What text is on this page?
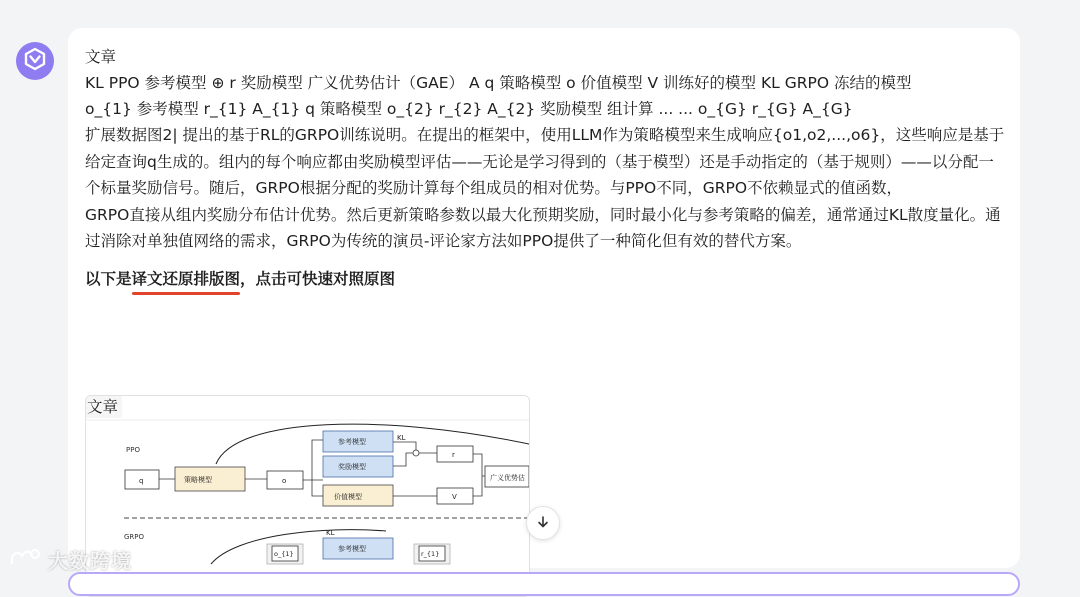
文章

KL PPO 参考模型 ⊕ r 奖励模型 广义优势估计（GAE） A q 策略模型 o 价值模型 V 训练好的模型 KL GRPO 冻结的模型

o_{1} 参考模型 r_{1} A_{1} q 策略模型 o_{2} r_{2} A_{2} 奖励模型 组计算 ... ... o_{G} r_{G} A_{G}

扩展数据图2| 提出的基于RL的GRPO训练说明。在提出的框架中，使用LLM作为策略模型来生成响应{o1,o2,...,o6}，这些响应是基于给定查询q生成的。组内的每个响应都由奖励模型评估——无论是学习得到的（基于模型）还是手动指定的（基于规则）——以分配一个标量奖励信号。随后，GRPO根据分配的奖励计算每个组成员的相对优势。与PPO不同，GRPO不依赖显式的值函数，

GRPO直接从组内奖励分布估计优势。然后更新策略参数以最大化预期奖励，同时最小化与参考策略的偏差，通常通过KL散度量化。通过消除对单独值网络的需求，GRPO为传统的演员-评论家方法如PPO提供了一种简化但有效的替代方案。

以下是译文还原排版图，点击可快速对照原图
PPO
q	策略模型	o
参考模型
奖励模型
价值模型
KL
r
V
广义优势估
GRPO
o_{1}
KL
参考模型
r_{1}
文章
大数跨境
